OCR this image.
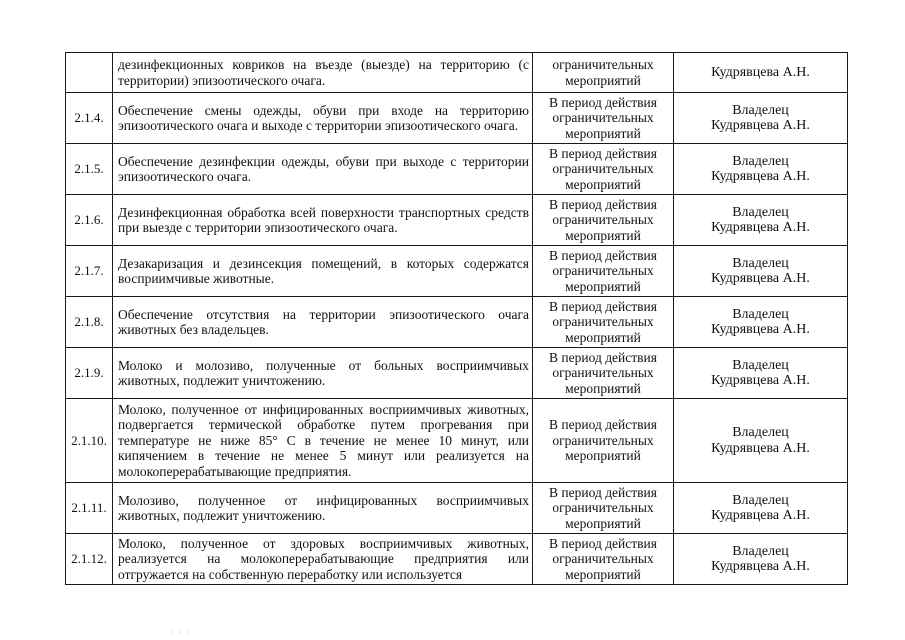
	дезинфекционных ковриков на въезде (выезде) на территорию (с территории) эпизоотического очага.	ограничительных мероприятий	Кудрявцева А.Н.

2.1.4.	Обеспечение смены одежды, обуви при входе на территорию эпизоотического очага и выходе с территории эпизоотического очага.	В период действия ограничительных мероприятий	Владелец
Кудрявцева А.Н.

2.1.5.	Обеспечение дезинфекции одежды, обуви при выходе с территории эпизоотического очага.	В период действия ограничительных мероприятий	Владелец
Кудрявцева А.Н.

2.1.6.	Дезинфекционная обработка всей поверхности транспортных средств при выезде с территории эпизоотического очага.	В период действия ограничительных мероприятий	Владелец
Кудрявцева А.Н.

2.1.7.	Дезакаризация и дезинсекция помещений, в которых содержатся восприимчивые животные.	В период действия ограничительных мероприятий	Владелец
Кудрявцева А.Н.

2.1.8.	Обеспечение отсутствия на территории эпизоотического очага животных без владельцев.	В период действия ограничительных мероприятий	Владелец
Кудрявцева А.Н.

2.1.9.	Молоко и молозиво, полученные от больных восприимчивых животных, подлежит уничтожению.	В период действия ограничительных мероприятий	Владелец
Кудрявцева А.Н.

2.1.10.	Молоко, полученное от инфицированных восприимчивых животных, подвергается термической обработке путем прогревания при температуре не ниже 85° С в течение не менее 10 минут, или кипячением в течение не менее 5 минут или реализуется на молокоперерабатывающие предприятия.	В период действия ограничительных мероприятий	Владелец
Кудрявцева А.Н.

2.1.11.	Молозиво, полученное от инфицированных восприимчивых животных, подлежит уничтожению.	В период действия ограничительных мероприятий	Владелец
Кудрявцева А.Н.

2.1.12.	Молоко, полученное от здоровых восприимчивых животных, реализуется на молокоперерабатывающие предприятия или отгружается на собственную переработку или используется	В период действия ограничительных мероприятий	Владелец
Кудрявцева А.Н.
· · ·
